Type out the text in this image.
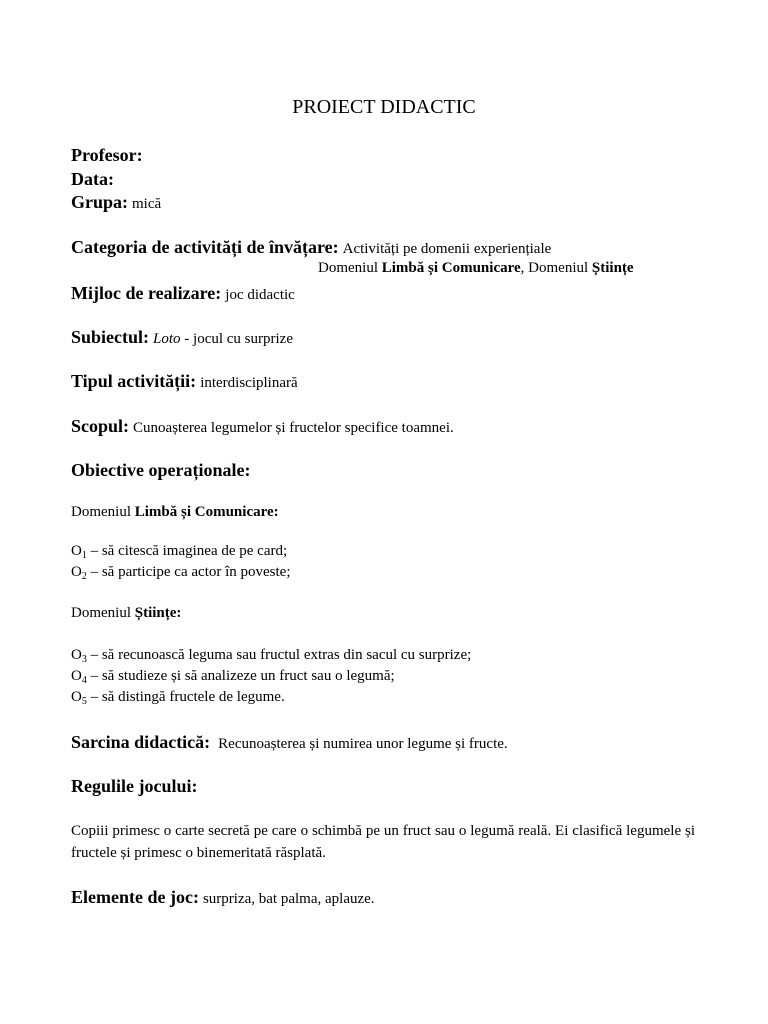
PROIECT DIDACTIC
Profesor:
Data:
Grupa: mică
Categoria de activități de învățare: Activități pe domenii experiențiale
Domeniul Limbă și Comunicare, Domeniul Științe
Mijloc de realizare: joc didactic
Subiectul: Loto - jocul cu surprize
Tipul activității: interdisciplinară
Scopul: Cunoașterea legumelor și fructelor specifice toamnei.
Obiective operaționale:
Domeniul Limbă și Comunicare:
$O_1$ – să citescă imaginea de pe card;
$O_2$ – să participe ca actor în poveste;
Domeniul Științe:
$O_3$ – să recunoască leguma sau fructul extras din sacul cu surprize;
$O_4$ – să studieze și să analizeze un fruct sau o legumă;
$O_5$ – să distingă fructele de legume.
Sarcina didactică: Recunoașterea și numirea unor legume și fructe.
Regulile jocului:
Copiii primesc o carte secretă pe care o schimbă pe un fruct sau o legumă reală. Ei clasifică legumele și fructele și primesc o binemeritată răsplată.
Elemente de joc: surpriza, bat palma, aplauze.
